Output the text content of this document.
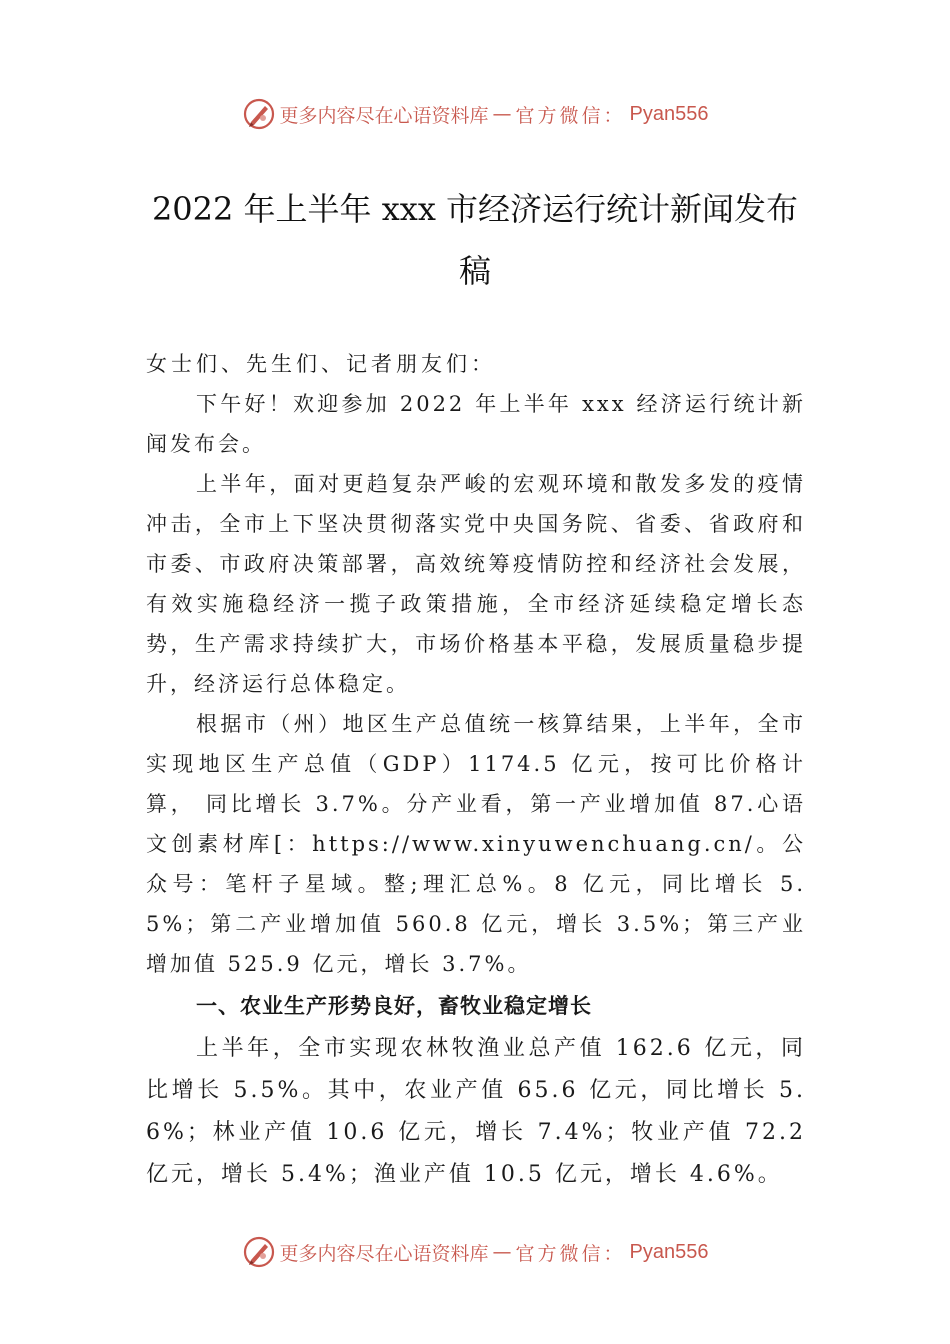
更多内容尽在心语资料库 — 官方微信： Pyan556
2022 年上半年 xxx 市经济运行统计新闻发布稿

女士们、先生们、记者朋友们：

下午好！欢迎参加 2022 年上半年 xxx 经济运行统计新闻发布会。

上半年，面对更趋复杂严峻的宏观环境和散发多发的疫情冲击，全市上下坚决贯彻落实党中央国务院、省委、省政府和市委、市政府决策部署，高效统筹疫情防控和经济社会发展，有效实施稳经济一揽子政策措施，全市经济延续稳定增长态势，生产需求持续扩大，市场价格基本平稳，发展质量稳步提升，经济运行总体稳定。

根据市（州）地区生产总值统一核算结果，上半年，全市实现地区生产总值（GDP）1174.5 亿元，按可比价格计算， 同比增长 3.7%。分产业看，第一产业增加值 87.心语文创素材库[：https://www.xinyuwenchuang.cn/。公众号：笔杆子星域。整;理汇总%。8 亿元，同比增长 5.5%；第二产业增加值 560.8 亿元，增长 3.5%；第三产业增加值 525.9 亿元，增长 3.7%。

一、农业生产形势良好，畜牧业稳定增长

上半年，全市实现农林牧渔业总产值 162.6 亿元，同比增长 5.5%。其中，农业产值 65.6 亿元，同比增长 5.6%；林业产值 10.6 亿元，增长 7.4%；牧业产值 72.2 亿元，增长 5.4%；渔业产值 10.5 亿元，增长 4.6%。

更多内容尽在心语资料库 — 官方微信： Pyan556
